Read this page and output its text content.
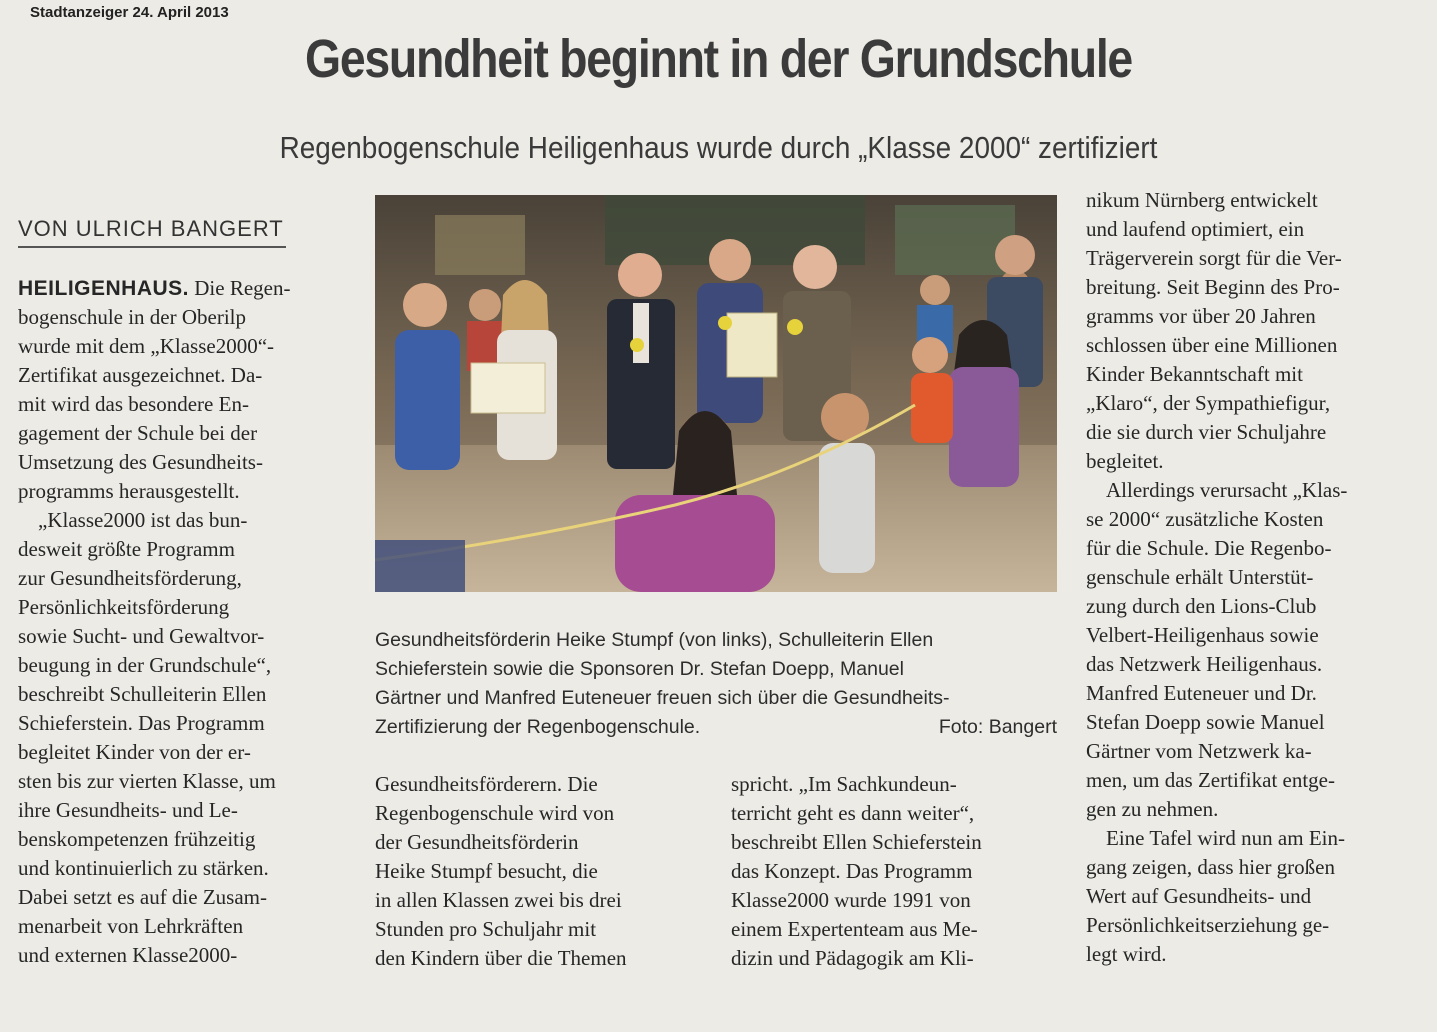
Stadtanzeiger 24. April 2013
Gesundheit beginnt in der Grundschule
Regenbogenschule Heiligenhaus wurde durch „Klasse 2000“ zertifiziert
VON ULRICH BANGERT
HEILIGENHAUS. Die Regen-
bogenschule in der Oberilp
wurde mit dem „Klasse2000“-
Zertifikat ausgezeichnet. Da-
mit wird das besondere En-
gagement der Schule bei der
Umsetzung des Gesundheits-
programms herausgestellt.
„Klasse2000 ist das bun-
desweit größte Programm
zur Gesundheitsförderung,
Persönlichkeitsförderung
sowie Sucht- und Gewaltvor-
beugung in der Grundschule“,
beschreibt Schulleiterin Ellen
Schieferstein. Das Programm
begleitet Kinder von der er-
sten bis zur vierten Klasse, um
ihre Gesundheits- und Le-
benskompetenzen frühzeitig
und kontinuierlich zu stärken.
Dabei setzt es auf die Zusam-
menarbeit von Lehrkräften
und externen Klasse2000-
Gesundheitsförderin Heike Stumpf (von links), Schulleiterin Ellen
Schieferstein sowie die Sponsoren Dr. Stefan Doepp, Manuel
Gärtner und Manfred Euteneuer freuen sich über die Gesundheits-
Zertifizierung der Regenbogenschule.	Foto: Bangert
Gesundheitsförderern. Die
Regenbogenschule wird von
der Gesundheitsförderin
Heike Stumpf besucht, die
in allen Klassen zwei bis drei
Stunden pro Schuljahr mit
den Kindern über die Themen
spricht. „Im Sachkundeun-
terricht geht es dann weiter“,
beschreibt Ellen Schieferstein
das Konzept. Das Programm
Klasse2000 wurde 1991 von
einem Expertenteam aus Me-
dizin und Pädagogik am Kli-
nikum Nürnberg entwickelt
und laufend optimiert, ein
Trägerverein sorgt für die Ver-
breitung. Seit Beginn des Pro-
gramms vor über 20 Jahren
schlossen über eine Millionen
Kinder Bekanntschaft mit
„Klaro“, der Sympathiefigur,
die sie durch vier Schuljahre
begleitet.
Allerdings verursacht „Klas-
se 2000“ zusätzliche Kosten
für die Schule. Die Regenbo-
genschule erhält Unterstüt-
zung durch den Lions-Club
Velbert-Heiligenhaus sowie
das Netzwerk Heiligenhaus.
Manfred Euteneuer und Dr.
Stefan Doepp sowie Manuel
Gärtner vom Netzwerk ka-
men, um das Zertifikat entge-
gen zu nehmen.
Eine Tafel wird nun am Ein-
gang zeigen, dass hier großen
Wert auf Gesundheits- und
Persönlichkeitserziehung ge-
legt wird.
